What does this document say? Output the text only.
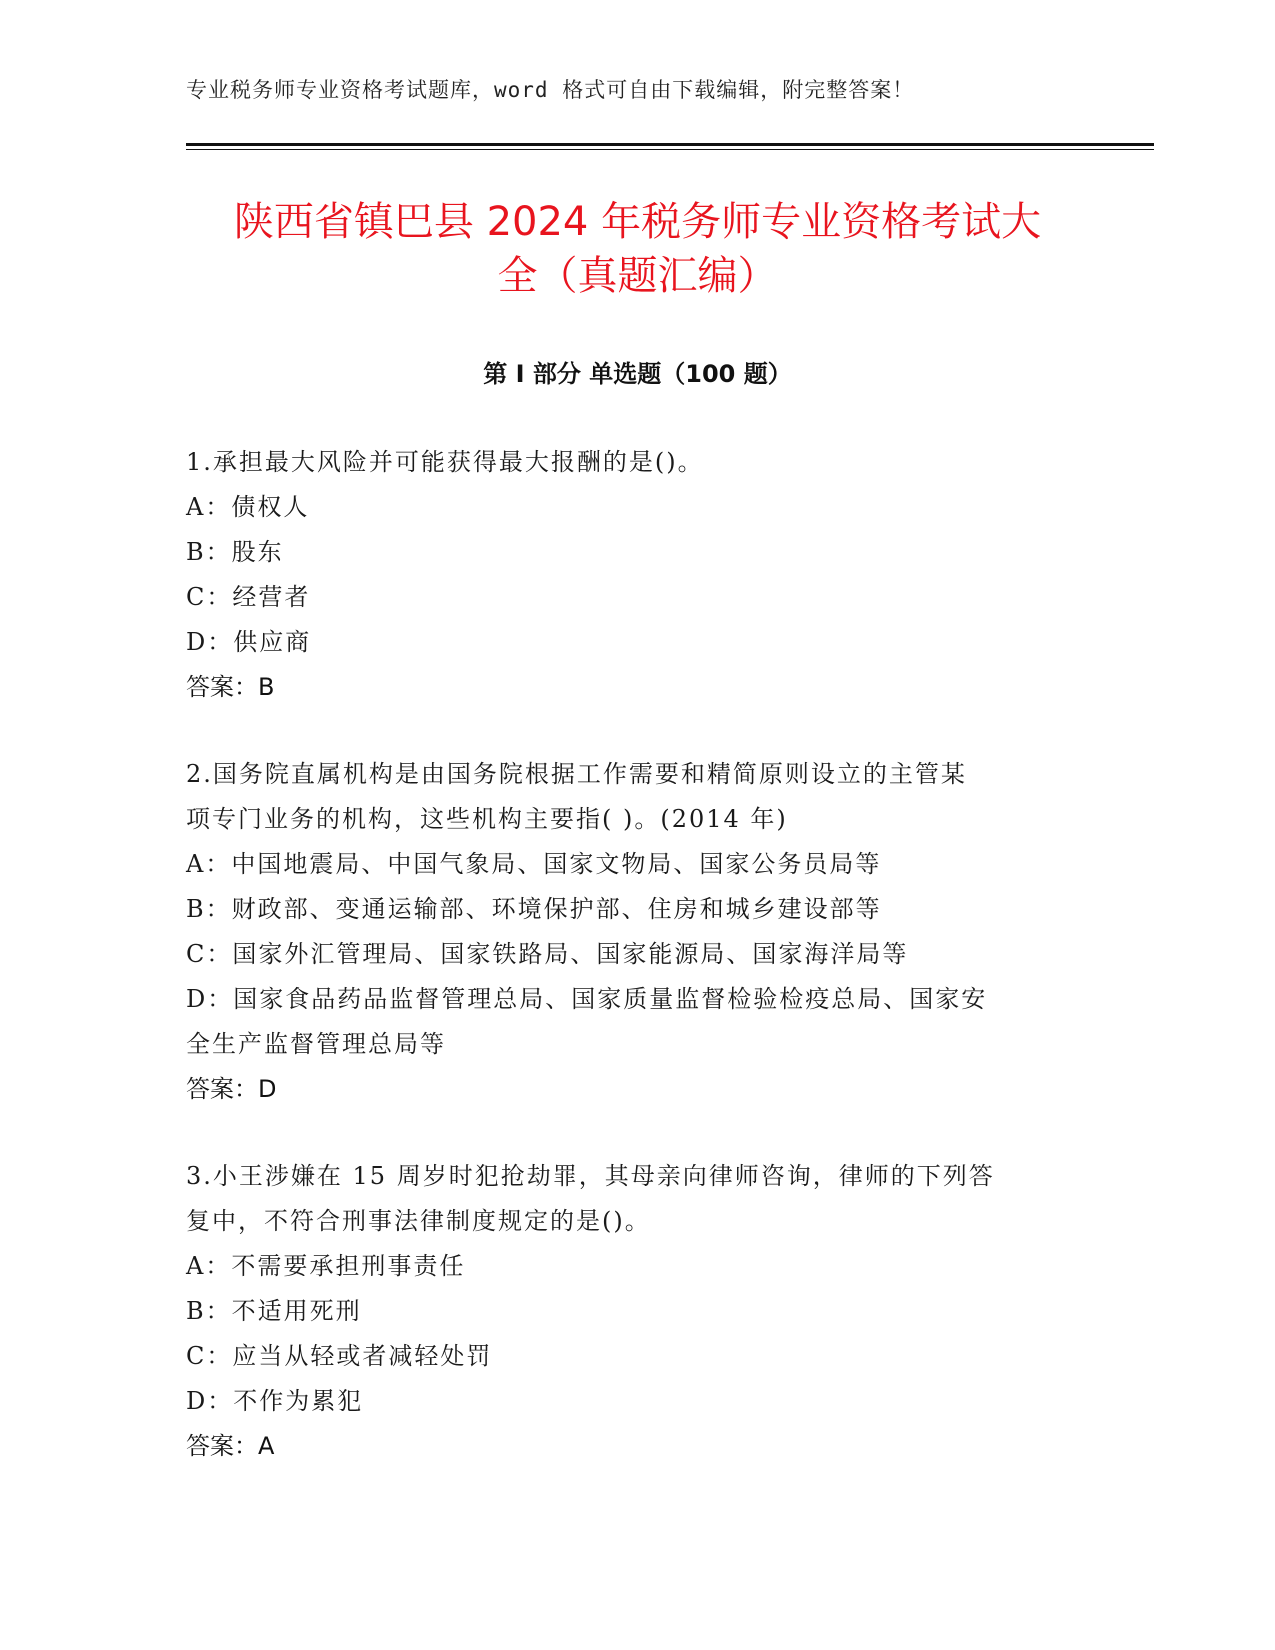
专业税务师专业资格考试题库，word 格式可自由下载编辑，附完整答案！
陕西省镇巴县 2024 年税务师专业资格考试大
全（真题汇编）
第 I 部分 单选题（100 题）
1.承担最大风险并可能获得最大报酬的是()。
A：债权人
B：股东
C：经营者
D：供应商
答案：B
2.国务院直属机构是由国务院根据工作需要和精简原则设立的主管某
项专门业务的机构，这些机构主要指( )。(2014 年)
A：中国地震局、中国气象局、国家文物局、国家公务员局等
B：财政部、变通运输部、环境保护部、住房和城乡建设部等
C：国家外汇管理局、国家铁路局、国家能源局、国家海洋局等
D：国家食品药品监督管理总局、国家质量监督检验检疫总局、国家安
全生产监督管理总局等
答案：D
3.小王涉嫌在 15 周岁时犯抢劫罪，其母亲向律师咨询，律师的下列答
复中，不符合刑事法律制度规定的是()。
A：不需要承担刑事责任
B：不适用死刑
C：应当从轻或者减轻处罚
D：不作为累犯
答案：A
